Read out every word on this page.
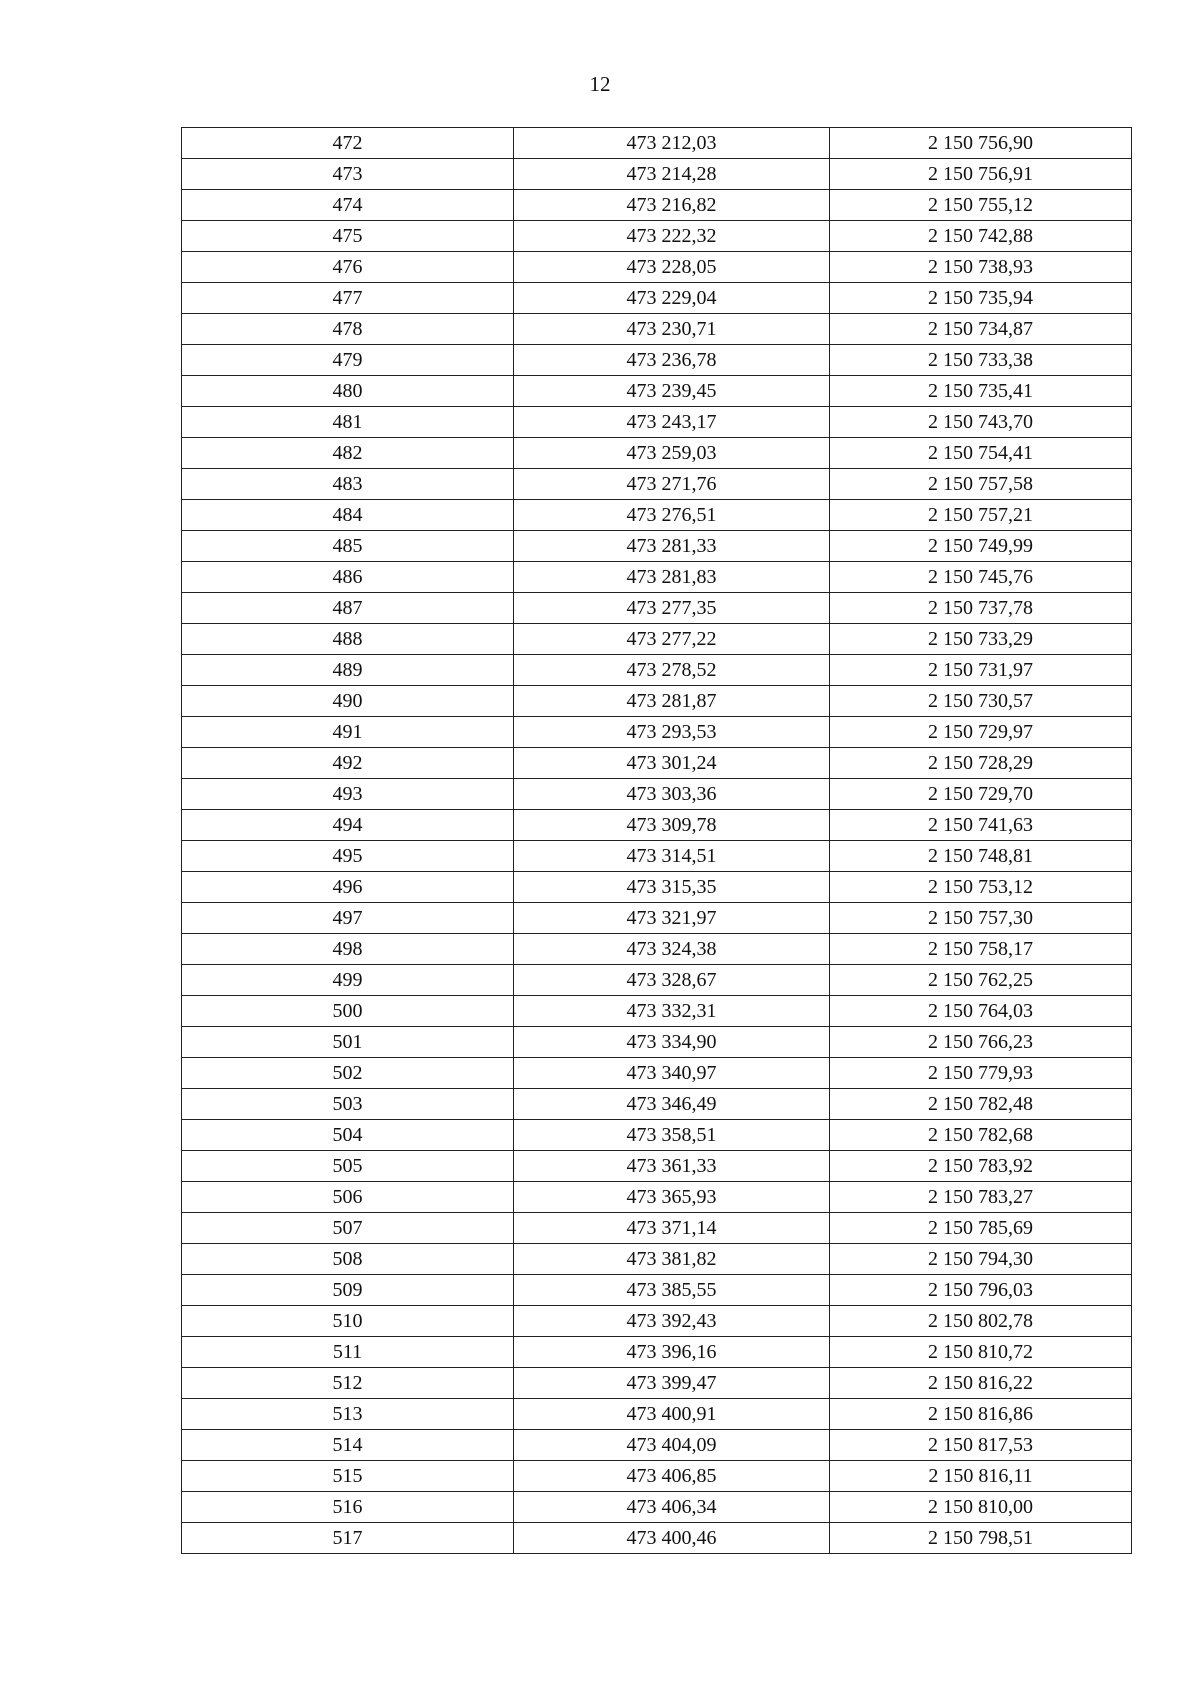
12
472	473 212,03	2 150 756,90
473	473 214,28	2 150 756,91
474	473 216,82	2 150 755,12
475	473 222,32	2 150 742,88
476	473 228,05	2 150 738,93
477	473 229,04	2 150 735,94
478	473 230,71	2 150 734,87
479	473 236,78	2 150 733,38
480	473 239,45	2 150 735,41
481	473 243,17	2 150 743,70
482	473 259,03	2 150 754,41
483	473 271,76	2 150 757,58
484	473 276,51	2 150 757,21
485	473 281,33	2 150 749,99
486	473 281,83	2 150 745,76
487	473 277,35	2 150 737,78
488	473 277,22	2 150 733,29
489	473 278,52	2 150 731,97
490	473 281,87	2 150 730,57
491	473 293,53	2 150 729,97
492	473 301,24	2 150 728,29
493	473 303,36	2 150 729,70
494	473 309,78	2 150 741,63
495	473 314,51	2 150 748,81
496	473 315,35	2 150 753,12
497	473 321,97	2 150 757,30
498	473 324,38	2 150 758,17
499	473 328,67	2 150 762,25
500	473 332,31	2 150 764,03
501	473 334,90	2 150 766,23
502	473 340,97	2 150 779,93
503	473 346,49	2 150 782,48
504	473 358,51	2 150 782,68
505	473 361,33	2 150 783,92
506	473 365,93	2 150 783,27
507	473 371,14	2 150 785,69
508	473 381,82	2 150 794,30
509	473 385,55	2 150 796,03
510	473 392,43	2 150 802,78
511	473 396,16	2 150 810,72
512	473 399,47	2 150 816,22
513	473 400,91	2 150 816,86
514	473 404,09	2 150 817,53
515	473 406,85	2 150 816,11
516	473 406,34	2 150 810,00
517	473 400,46	2 150 798,51
